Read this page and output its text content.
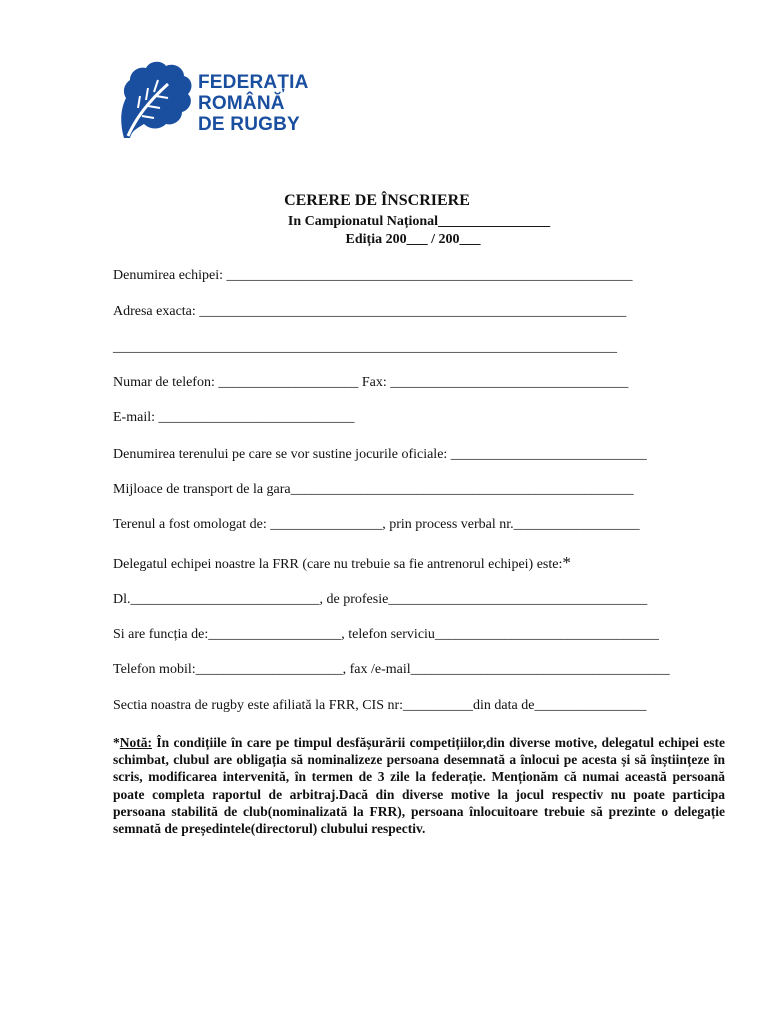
FEDERAȚIA
ROMÂNĂ
DE RUGBY
CERERE DE ÎNSCRIERE
In Campionatul Național________________
Ediția 200___ / 200___
Denumirea echipei: __________________________________________________________
Adresa exacta: _____________________________________________________________
________________________________________________________________________
Numar de telefon: ____________________ Fax: __________________________________
E-mail: ____________________________
Denumirea terenului pe care se vor sustine jocurile oficiale: ____________________________
Mijloace de transport de la gara_________________________________________________
Terenul a fost omologat de: ________________, prin process verbal nr.__________________
Delegatul echipei noastre la FRR (care nu trebuie sa fie antrenorul echipei) este:*
Dl.___________________________, de profesie_____________________________________
Si are funcția de:___________________, telefon serviciu________________________________
Telefon mobil:_____________________, fax /e-mail_____________________________________
Sectia noastra de rugby este afiliată la FRR, CIS nr:__________din data de________________
*Notă: În condițiile în care pe timpul desfășurării competițiilor,din diverse motive, delegatul echipei este schimbat, clubul are obligația să nominalizeze persoana desemnată a înlocui pe acesta și să înștiințeze în scris, modificarea intervenită, în termen de 3 zile la federație. Menționăm că numai această persoană poate completa raportul de arbitraj.Dacă din diverse motive la jocul respectiv nu poate participa persoana stabilită de club(nominalizată la FRR), persoana înlocuitoare trebuie să prezinte o delegație semnată de președintele(directorul) clubului respectiv.
